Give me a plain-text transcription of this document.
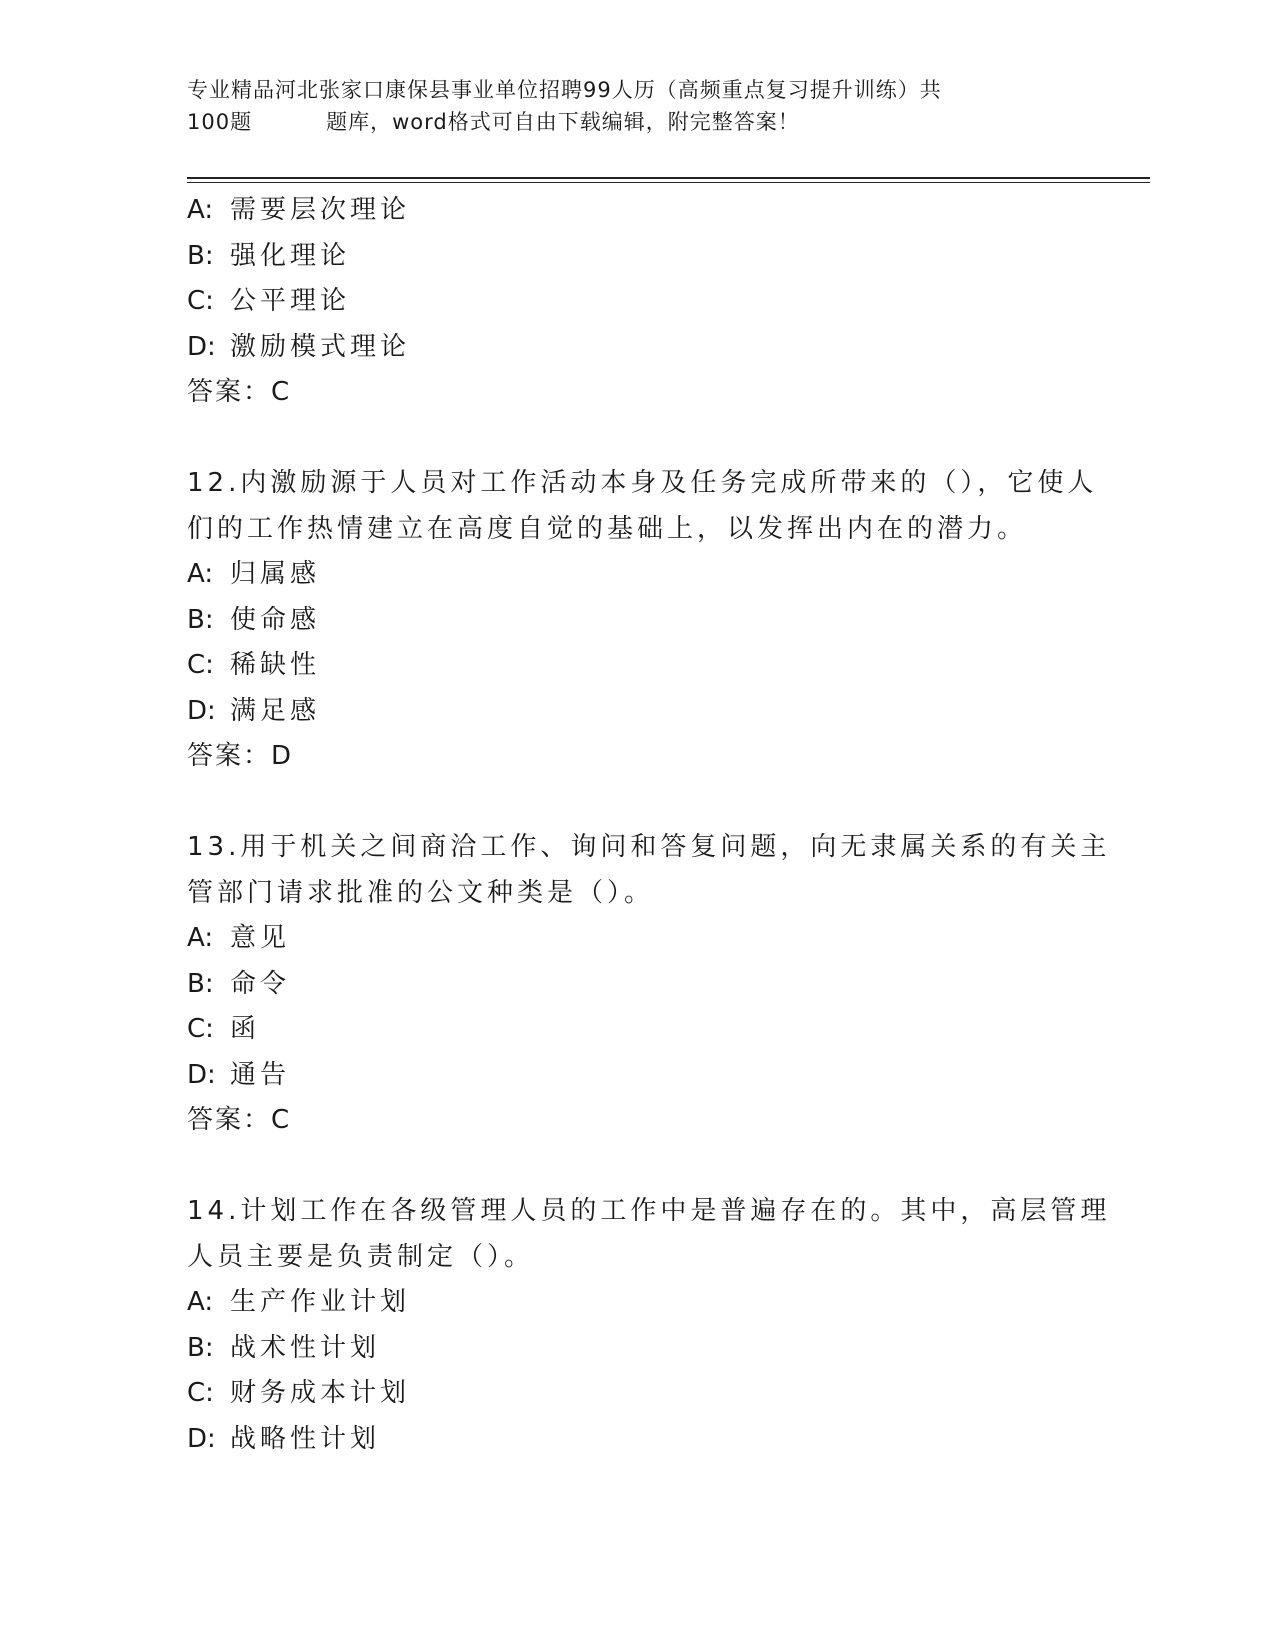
专业精品河北张家口康保县事业单位招聘99人历（高频重点复习提升训练）共
100题	题库，word格式可自由下载编辑，附完整答案！
A: 需要层次理论
B: 强化理论
C: 公平理论
D: 激励模式理论
答案：C
12.内激励源于人员对工作活动本身及任务完成所带来的（），它使人
们的工作热情建立在高度自觉的基础上，以发挥出内在的潜力。
A: 归属感
B: 使命感
C: 稀缺性
D: 满足感
答案：D
13.用于机关之间商洽工作、询问和答复问题，向无隶属关系的有关主
管部门请求批准的公文种类是（）。
A: 意见
B: 命令
C: 函
D: 通告
答案：C
14.计划工作在各级管理人员的工作中是普遍存在的。其中，高层管理
人员主要是负责制定（）。
A: 生产作业计划
B: 战术性计划
C: 财务成本计划
D: 战略性计划
